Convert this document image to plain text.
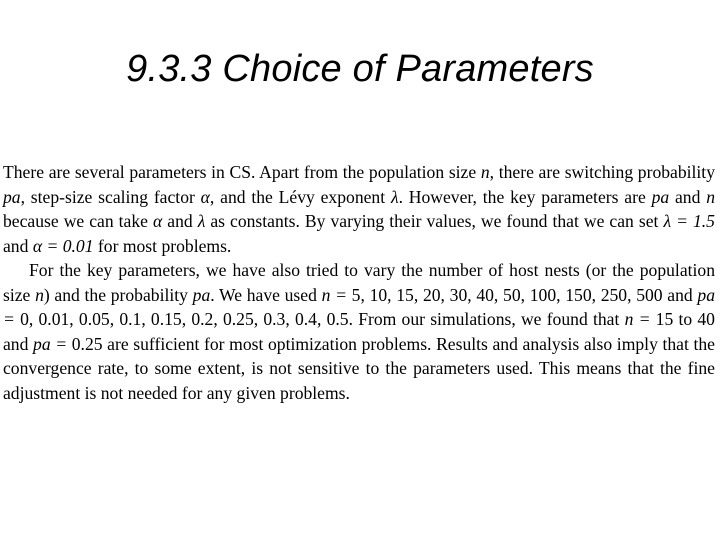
9.3.3 Choice of Parameters

There are several parameters in CS. Apart from the population size n, there are switching probability pa, step-size scaling factor α, and the Lévy exponent λ. However, the key parameters are pa and n because we can take α and λ as constants. By varying their values, we found that we can set λ = 1.5 and α = 0.01 for most problems.

For the key parameters, we have also tried to vary the number of host nests (or the population size n) and the probability pa. We have used n = 5, 10, 15, 20, 30, 40, 50, 100, 150, 250, 500 and pa = 0, 0.01, 0.05, 0.1, 0.15, 0.2, 0.25, 0.3, 0.4, 0.5. From our simulations, we found that n = 15 to 40 and pa = 0.25 are sufficient for most optimization problems. Results and analysis also imply that the convergence rate, to some extent, is not sensitive to the parameters used. This means that the fine adjustment is not needed for any given problems.
